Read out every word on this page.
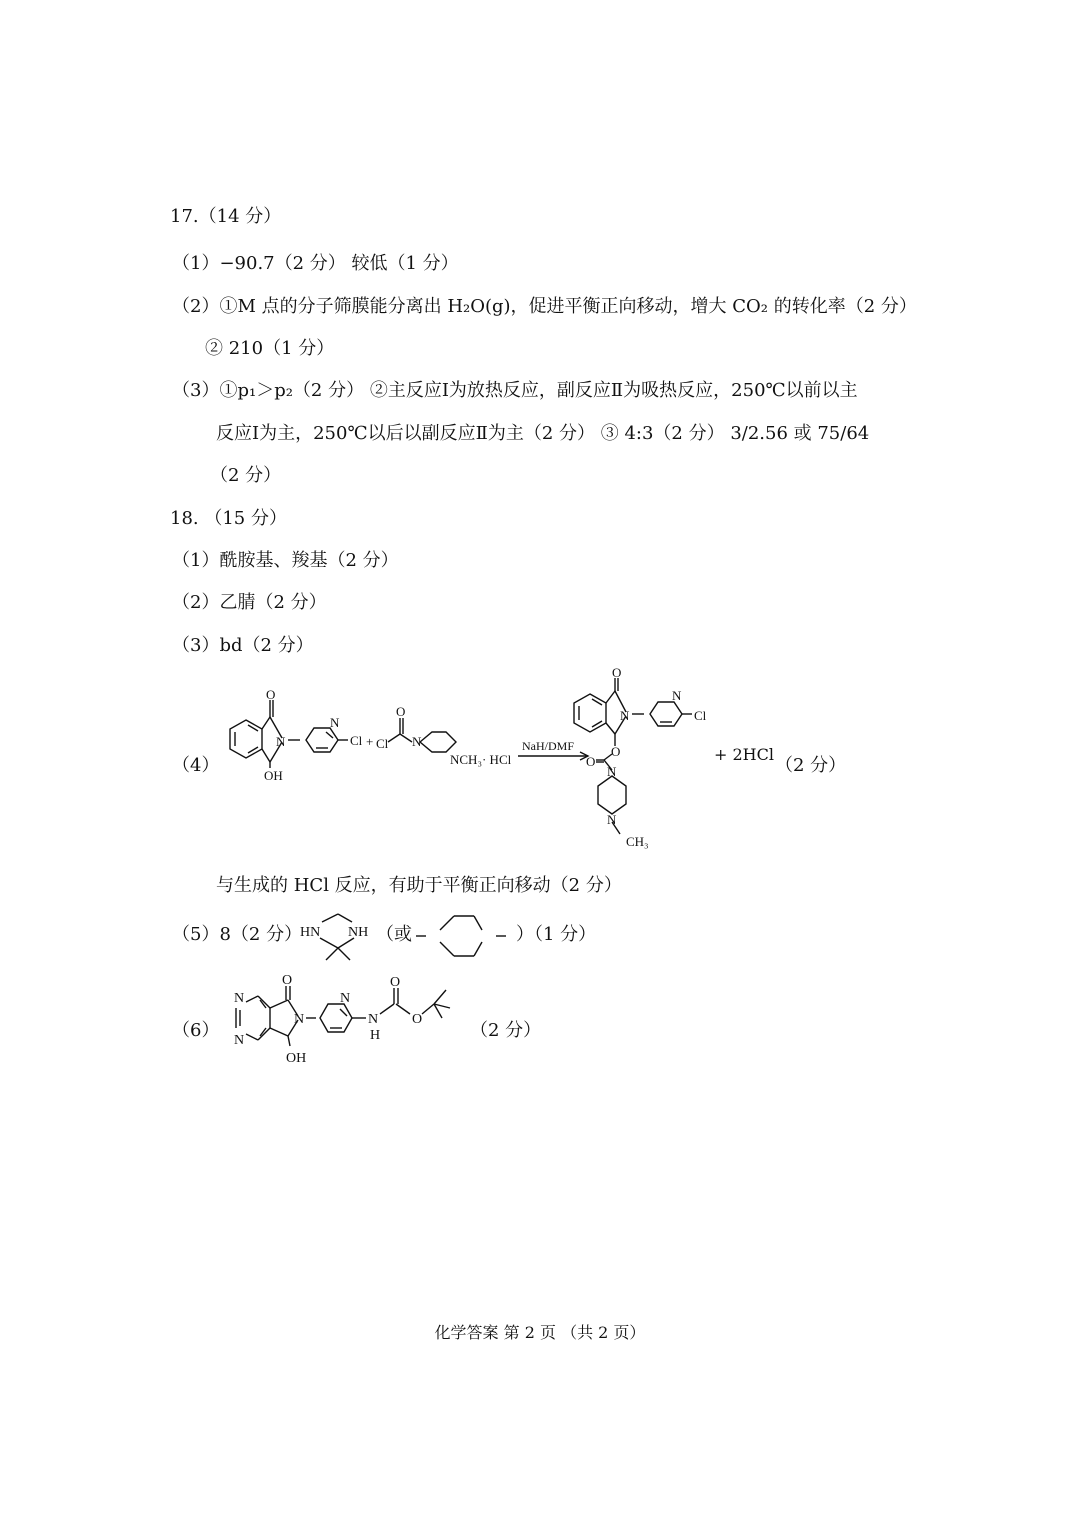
17.（14 分）
（1）−90.7（2 分） 较低（1 分）
（2）①M 点的分子筛膜能分离出 H₂O(g)，促进平衡正向移动，增大 CO₂ 的转化率（2 分）
② 210（1 分）
（3）①p₁＞p₂（2 分） ②主反应Ⅰ为放热反应，副反应Ⅱ为吸热反应，250℃以前以主
反应Ⅰ为主，250℃以后以副反应Ⅱ为主（2 分） ③ 4:3（2 分） 3/2.56 或 75/64
（2 分）
18. （15 分）
（1）酰胺基、羧基（2 分）
（2）乙腈（2 分）
（3）bd（2 分）
（4）
N
O
OH
N
Cl + Cl
O
N
NCH₃· HCl
NaH/DMF
N
O
N
Cl
O
O
N
N
CH₃
+ 2HCl
（2 分）
与生成的 HCl 反应，有助于平衡正向移动（2 分）
（5）8（2 分）
HN NH （或	）（1 分）
（6）
N
N
O
N
OH
N
N
H
O
O
（2 分）
化学答案 第 2 页 （共 2 页）
